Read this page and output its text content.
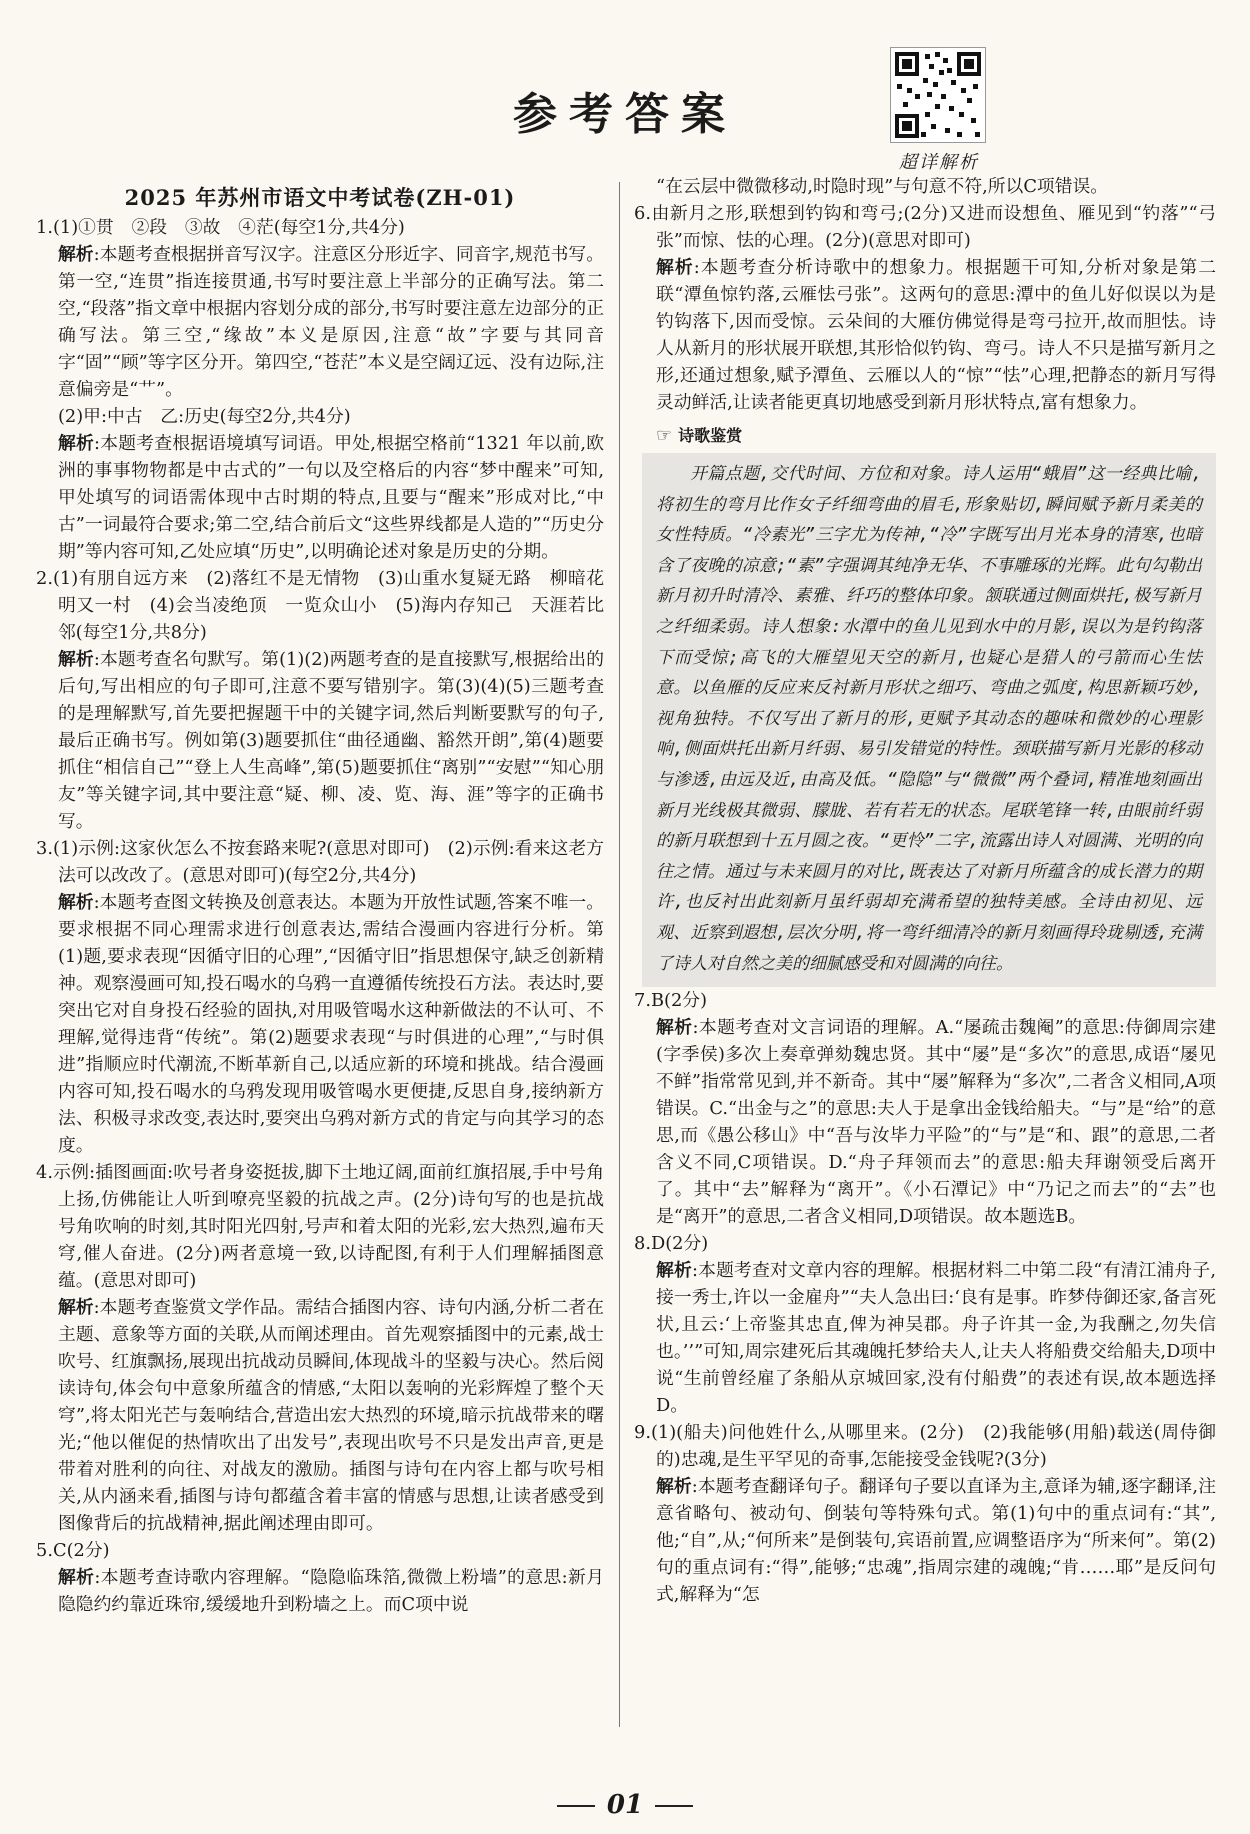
参考答案
超详解析
2025 年苏州市语文中考试卷(ZH-01)

1.(1)①贯　②段　③故　④茫(每空1分,共4分)

解析:本题考查根据拼音写汉字。注意区分形近字、同音字,规范书写。第一空,“连贯”指连接贯通,书写时要注意上半部分的正确写法。第二空,“段落”指文章中根据内容划分成的部分,书写时要注意左边部分的正确写法。第三空,“缘故”本义是原因,注意“故”字要与其同音字“固”“顾”等字区分开。第四空,“苍茫”本义是空阔辽远、没有边际,注意偏旁是“艹”。

(2)甲:中古　乙:历史(每空2分,共4分)

解析:本题考查根据语境填写词语。甲处,根据空格前“1321 年以前,欧洲的事事物物都是中古式的”一句以及空格后的内容“梦中醒来”可知,甲处填写的词语需体现中古时期的特点,且要与“醒来”形成对比,“中古”一词最符合要求;第二空,结合前后文“这些界线都是人造的”“历史分期”等内容可知,乙处应填“历史”,以明确论述对象是历史的分期。

2.(1)有朋自远方来　(2)落红不是无情物　(3)山重水复疑无路　柳暗花明又一村　(4)会当凌绝顶　一览众山小　(5)海内存知己　天涯若比邻(每空1分,共8分)

解析:本题考查名句默写。第(1)(2)两题考查的是直接默写,根据给出的后句,写出相应的句子即可,注意不要写错别字。第(3)(4)(5)三题考查的是理解默写,首先要把握题干中的关键字词,然后判断要默写的句子,最后正确书写。例如第(3)题要抓住“曲径通幽、豁然开朗”,第(4)题要抓住“相信自己”“登上人生高峰”,第(5)题要抓住“离别”“安慰”“知心朋友”等关键字词,其中要注意“疑、柳、凌、览、海、涯”等字的正确书写。

3.(1)示例:这家伙怎么不按套路来呢?(意思对即可)　(2)示例:看来这老方法可以改改了。(意思对即可)(每空2分,共4分)

解析:本题考查图文转换及创意表达。本题为开放性试题,答案不唯一。要求根据不同心理需求进行创意表达,需结合漫画内容进行分析。第(1)题,要求表现“因循守旧的心理”,“因循守旧”指思想保守,缺乏创新精神。观察漫画可知,投石喝水的乌鸦一直遵循传统投石方法。表达时,要突出它对自身投石经验的固执,对用吸管喝水这种新做法的不认可、不理解,觉得违背“传统”。第(2)题要求表现“与时俱进的心理”,“与时俱进”指顺应时代潮流,不断革新自己,以适应新的环境和挑战。结合漫画内容可知,投石喝水的乌鸦发现用吸管喝水更便捷,反思自身,接纳新方法、积极寻求改变,表达时,要突出乌鸦对新方式的肯定与向其学习的态度。

4.示例:插图画面:吹号者身姿挺拔,脚下土地辽阔,面前红旗招展,手中号角上扬,仿佛能让人听到嘹亮坚毅的抗战之声。(2分)诗句写的也是抗战号角吹响的时刻,其时阳光四射,号声和着太阳的光彩,宏大热烈,遍布天穹,催人奋进。(2分)两者意境一致,以诗配图,有利于人们理解插图意蕴。(意思对即可)

解析:本题考查鉴赏文学作品。需结合插图内容、诗句内涵,分析二者在主题、意象等方面的关联,从而阐述理由。首先观察插图中的元素,战士吹号、红旗飘扬,展现出抗战动员瞬间,体现战斗的坚毅与决心。然后阅读诗句,体会句中意象所蕴含的情感,“太阳以轰响的光彩辉煌了整个天穹”,将太阳光芒与轰响结合,营造出宏大热烈的环境,暗示抗战带来的曙光;“他以催促的热情吹出了出发号”,表现出吹号不只是发出声音,更是带着对胜利的向往、对战友的激励。插图与诗句在内容上都与吹号相关,从内涵来看,插图与诗句都蕴含着丰富的情感与思想,让读者感受到图像背后的抗战精神,据此阐述理由即可。

5.C(2分)

解析:本题考查诗歌内容理解。“隐隐临珠箔,微微上粉墙”的意思:新月隐隐约约靠近珠帘,缓缓地升到粉墙之上。而C项中说

“在云层中微微移动,时隐时现”与句意不符,所以C项错误。

6.由新月之形,联想到钓钩和弯弓;(2分)又进而设想鱼、雁见到“钓落”“弓张”而惊、怯的心理。(2分)(意思对即可)

解析:本题考查分析诗歌中的想象力。根据题干可知,分析对象是第二联“潭鱼惊钓落,云雁怯弓张”。这两句的意思:潭中的鱼儿好似误以为是钓钩落下,因而受惊。云朵间的大雁仿佛觉得是弯弓拉开,故而胆怯。诗人从新月的形状展开联想,其形恰似钓钩、弯弓。诗人不只是描写新月之形,还通过想象,赋予潭鱼、云雁以人的“惊”“怯”心理,把静态的新月写得灵动鲜活,让读者能更真切地感受到新月形状特点,富有想象力。

☞ 诗歌鉴赏
开篇点题,交代时间、方位和对象。诗人运用“蛾眉”这一经典比喻,将初生的弯月比作女子纤细弯曲的眉毛,形象贴切,瞬间赋予新月柔美的女性特质。“冷素光”三字尤为传神,“冷”字既写出月光本身的清寒,也暗含了夜晚的凉意;“素”字强调其纯净无华、不事雕琢的光辉。此句勾勒出新月初升时清冷、素雅、纤巧的整体印象。颔联通过侧面烘托,极写新月之纤细柔弱。诗人想象:水潭中的鱼儿见到水中的月影,误以为是钓钩落下而受惊;高飞的大雁望见天空的新月,也疑心是猎人的弓箭而心生怯意。以鱼雁的反应来反衬新月形状之细巧、弯曲之弧度,构思新颖巧妙,视角独特。不仅写出了新月的形,更赋予其动态的趣味和微妙的心理影响,侧面烘托出新月纤弱、易引发错觉的特性。颈联描写新月光影的移动与渗透,由远及近,由高及低。“隐隐”与“微微”两个叠词,精准地刻画出新月光线极其微弱、朦胧、若有若无的状态。尾联笔锋一转,由眼前纤弱的新月联想到十五月圆之夜。“更怜”二字,流露出诗人对圆满、光明的向往之情。通过与未来圆月的对比,既表达了对新月所蕴含的成长潜力的期许,也反衬出此刻新月虽纤弱却充满希望的独特美感。全诗由初见、远观、近察到遐想,层次分明,将一弯纤细清冷的新月刻画得玲珑剔透,充满了诗人对自然之美的细腻感受和对圆满的向往。

7.B(2分)

解析:本题考查对文言词语的理解。A.“屡疏击魏阉”的意思:侍御周宗建(字季侯)多次上奏章弹劾魏忠贤。其中“屡”是“多次”的意思,成语“屡见不鲜”指常常见到,并不新奇。其中“屡”解释为“多次”,二者含义相同,A项错误。C.“出金与之”的意思:夫人于是拿出金钱给船夫。“与”是“给”的意思,而《愚公移山》中“吾与汝毕力平险”的“与”是“和、跟”的意思,二者含义不同,C项错误。D.“舟子拜领而去”的意思:船夫拜谢领受后离开了。其中“去”解释为“离开”。《小石潭记》中“乃记之而去”的“去”也是“离开”的意思,二者含义相同,D项错误。故本题选B。

8.D(2分)

解析:本题考查对文章内容的理解。根据材料二中第二段“有清江浦舟子,接一秀士,许以一金雇舟”“夫人急出曰:‘良有是事。昨梦侍御还家,备言死状,且云:‘上帝鉴其忠直,俾为神吴郡。舟子许其一金,为我酬之,勿失信也。’’”可知,周宗建死后其魂魄托梦给夫人,让夫人将船费交给船夫,D项中说“生前曾经雇了条船从京城回家,没有付船费”的表述有误,故本题选择D。

9.(1)(船夫)问他姓什么,从哪里来。(2分)　(2)我能够(用船)载送(周侍御的)忠魂,是生平罕见的奇事,怎能接受金钱呢?(3分)

解析:本题考查翻译句子。翻译句子要以直译为主,意译为辅,逐字翻译,注意省略句、被动句、倒装句等特殊句式。第(1)句中的重点词有:“其”,他;“自”,从;“何所来”是倒装句,宾语前置,应调整语序为“所来何”。第(2)句的重点词有:“得”,能够;“忠魂”,指周宗建的魂魄;“肯……耶”是反问句式,解释为“怎

01
